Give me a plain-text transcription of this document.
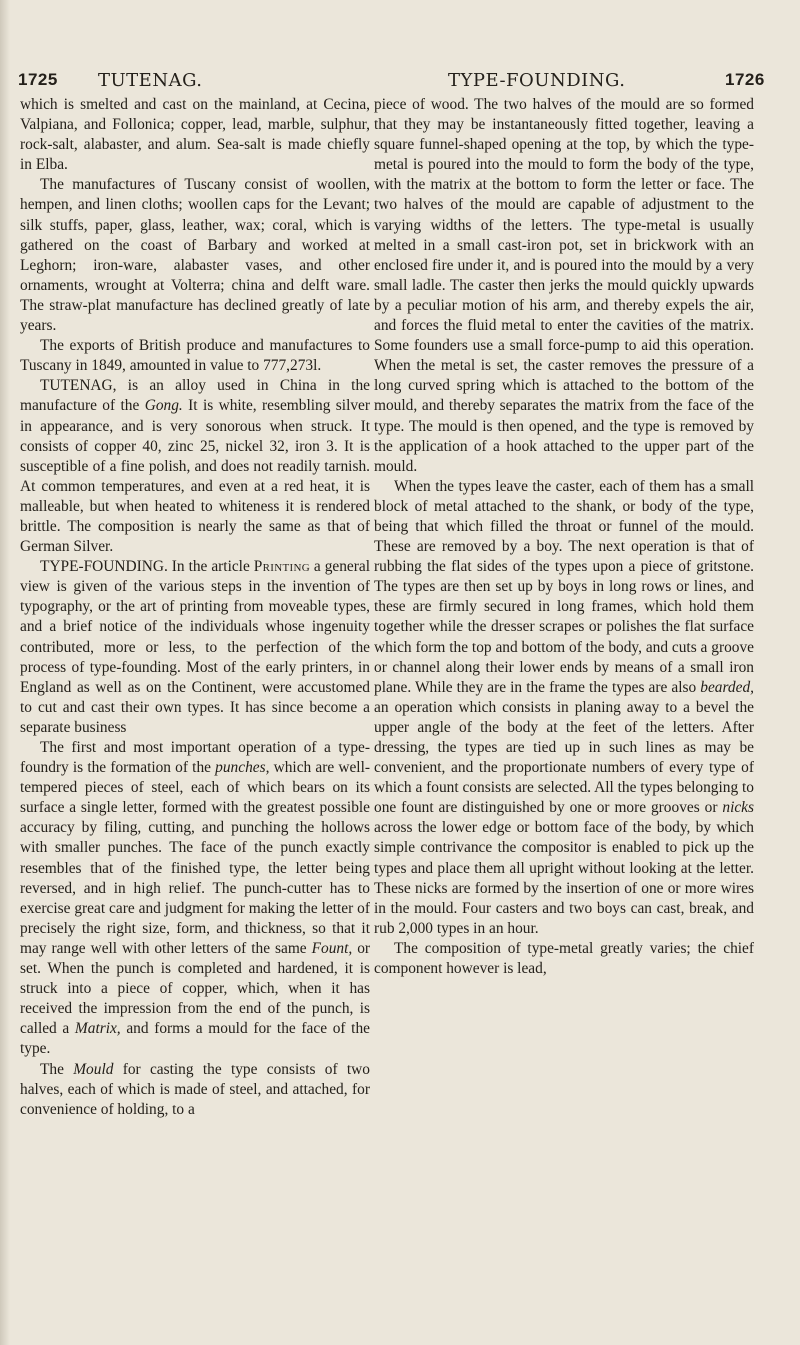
1725 TUTENAG.	TYPE-FOUNDING.	1726

which is smelted and cast on the mainland, at Cecina, Valpiana, and Follonica; copper, lead, marble, sulphur, rock-salt, alabaster, and alum. Sea-salt is made chiefly in Elba.

The manufactures of Tuscany consist of woollen, hempen, and linen cloths; woollen caps for the Levant; silk stuffs, paper, glass, leather, wax; coral, which is gathered on the coast of Barbary and worked at Leghorn; iron-ware, alabaster vases, and other ornaments, wrought at Volterra; china and delft ware. The straw-plat manufacture has declined greatly of late years.

The exports of British produce and manufactures to Tuscany in 1849, amounted in value to 777,273l.

TUTENAG, is an alloy used in China in the manufacture of the Gong. It is white, resembling silver in appearance, and is very sonorous when struck. It consists of copper 40, zinc 25, nickel 32, iron 3. It is susceptible of a fine polish, and does not readily tarnish. At common temperatures, and even at a red heat, it is malleable, but when heated to whiteness it is rendered brittle. The composition is nearly the same as that of German Silver.

TYPE-FOUNDING. In the article Printing a general view is given of the various steps in the invention of typography, or the art of printing from moveable types, and a brief notice of the individuals whose ingenuity contributed, more or less, to the perfection of the process of type-founding. Most of the early printers, in England as well as on the Continent, were accustomed to cut and cast their own types. It has since become a separate business

The first and most important operation of a type-foundry is the formation of the punches, which are well-tempered pieces of steel, each of which bears on its surface a single letter, formed with the greatest possible accuracy by filing, cutting, and punching the hollows with smaller punches. The face of the punch exactly resembles that of the finished type, the letter being reversed, and in high relief. The punch-cutter has to exercise great care and judgment for making the letter of precisely the right size, form, and thickness, so that it may range well with other letters of the same Fount, or set. When the punch is completed and hardened, it is struck into a piece of copper, which, when it has received the impression from the end of the punch, is called a Matrix, and forms a mould for the face of the type.

The Mould for casting the type consists of two halves, each of which is made of steel, and attached, for convenience of holding, to a

piece of wood. The two halves of the mould are so formed that they may be instantaneously fitted together, leaving a square funnel-shaped opening at the top, by which the type-metal is poured into the mould to form the body of the type, with the matrix at the bottom to form the letter or face. The two halves of the mould are capable of adjustment to the varying widths of the letters. The type-metal is usually melted in a small cast-iron pot, set in brickwork with an enclosed fire under it, and is poured into the mould by a very small ladle. The caster then jerks the mould quickly upwards by a peculiar motion of his arm, and thereby expels the air, and forces the fluid metal to enter the cavities of the matrix. Some founders use a small force-pump to aid this operation. When the metal is set, the caster removes the pressure of a long curved spring which is attached to the bottom of the mould, and thereby separates the matrix from the face of the type. The mould is then opened, and the type is removed by the application of a hook attached to the upper part of the mould.

When the types leave the caster, each of them has a small block of metal attached to the shank, or body of the type, being that which filled the throat or funnel of the mould. These are removed by a boy. The next operation is that of rubbing the flat sides of the types upon a piece of gritstone. The types are then set up by boys in long rows or lines, and these are firmly secured in long frames, which hold them together while the dresser scrapes or polishes the flat surface which form the top and bottom of the body, and cuts a groove or channel along their lower ends by means of a small iron plane. While they are in the frame the types are also bearded, an operation which consists in planing away to a bevel the upper angle of the body at the feet of the letters. After dressing, the types are tied up in such lines as may be convenient, and the proportionate numbers of every type of which a fount consists are selected. All the types belonging to one fount are distinguished by one or more grooves or nicks across the lower edge or bottom face of the body, by which simple contrivance the compositor is enabled to pick up the types and place them all upright without looking at the letter. These nicks are formed by the insertion of one or more wires in the mould. Four casters and two boys can cast, break, and rub 2,000 types in an hour.

The composition of type-metal greatly varies; the chief component however is lead,
